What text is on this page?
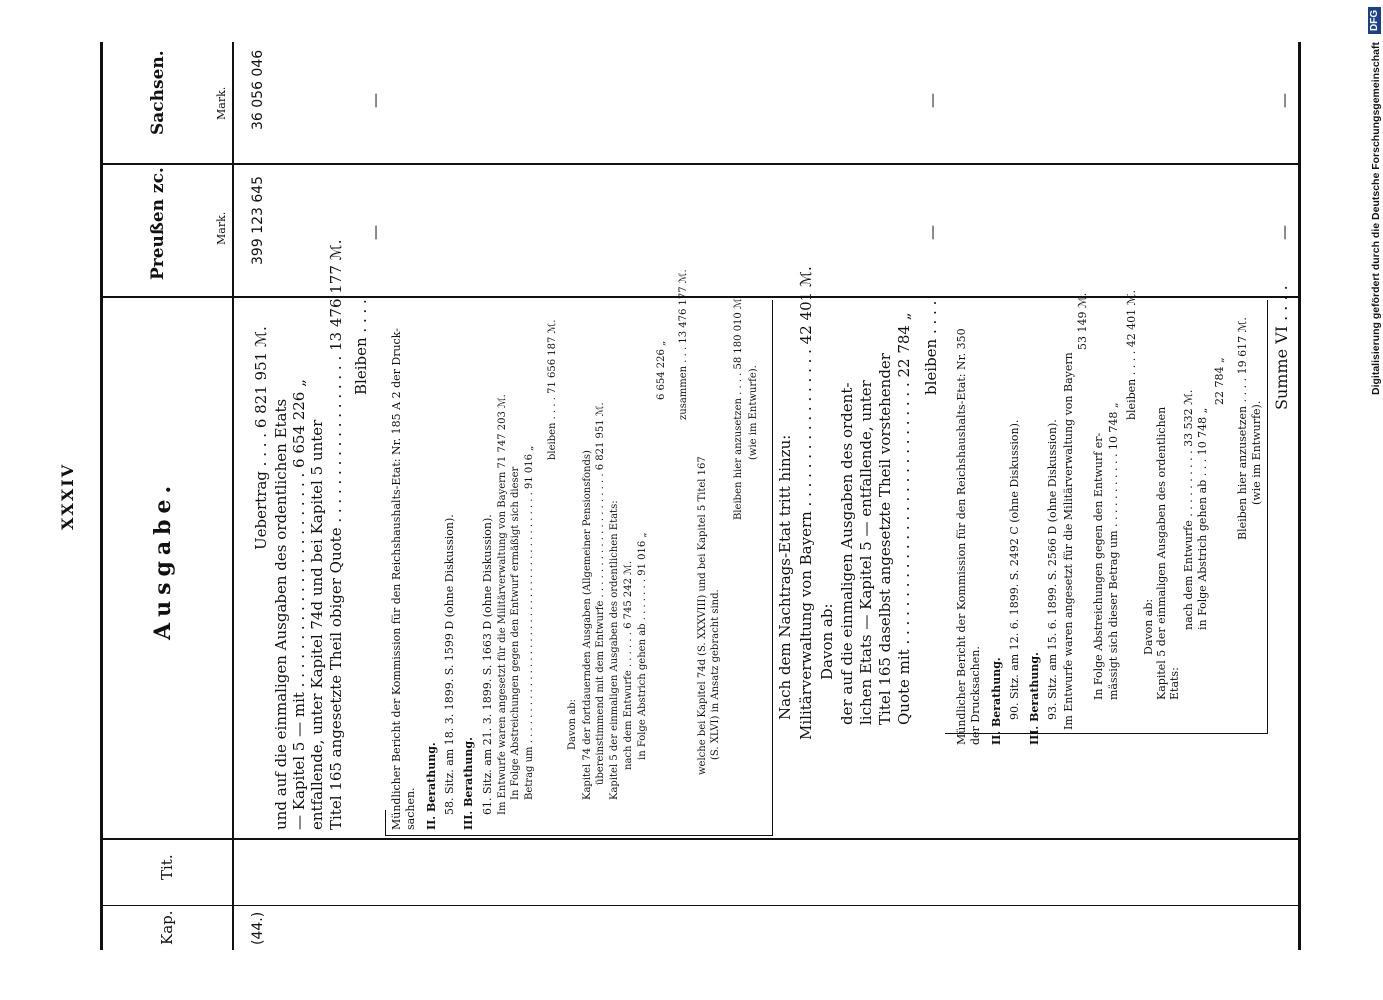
XXXIV
Kap.
Tit.
Ausgabe.
Preußen zc.
Sachsen.
Mark.
Mark.
(44.)
399 123 645
36 056 046
—
—
—
—
—
—
Uebertrag . . . . 6 821 951 ℳ. und auf die einmaligen Ausgaben des ordentlichen Etats — Kapitel 5 — mit . . . . . . . . . . . . . . . . . . . . . . . 6 654 226 „ entfallende, unter Kapitel 74d und bei Kapitel 5 unter Titel 165 angesetzte Theil obiger Quote . . . . . . . . . . . . . . . . . . 13 476 177 ℳ. Bleiben . . . . Mündlicher Bericht der Kommission für den Reichshaushalts-Etat: Nr. 185 A 2 der Druck- sachen. II. Berathung. 58. Sitz. am 18. 3. 1899. S. 1599 D (ohne Diskussion). III. Berathung. 61. Sitz. am 21. 3. 1899. S. 1663 D (ohne Diskussion). Im Entwurfe waren angesetzt für die Militärverwaltung von Bayern 71 747 203 ℳ. In Folge Abstreichungen gegen den Entwurf ermäßigt sich dieser Betrag um . . . . . . . . . . . . . . . . . . . . . . . . . . . . . . . . . . . . . . . . 91 016 „
bleiben . . . . 71 656 187 ℳ.
Davon ab: Kapitel 74 der fortdauernden Ausgaben (Allgemeiner Pensionsfonds) übereinstimmend mit dem Entwurfe . . . . . . . . . . . . . . . . . . . . 6 821 951 ℳ. Kapitel 5 der einmaligen Ausgaben des ordentlichen Etats: nach dem Entwurfe . . . . . . 6 745 242 ℳ. in Folge Abstrich gehen ab . . . . . . . 91 016 „
6 654 226 „ zusammen . . . 13 476 177 ℳ.
welche bei Kapitel 74d (S. XXXVIII) und bei Kapitel 5 Titel 167 (S. XLVI) in Ansatz gebracht sind.
Bleiben hier anzusetzen . . . . 58 180 010 ℳ. (wie im Entwurfe).
Nach dem Nachtrags-Etat tritt hinzu: Militärverwaltung von Bayern . . . . . . . . . . . . . . . . . 42 401 ℳ. Davon ab: der auf die einmaligen Ausgaben des ordent- lichen Etats — Kapitel 5 — entfallende, unter Titel 165 daselbst angesetzte Theil vorstehender Quote mit . . . . . . . . . . . . . . . . . . . . . . . . . . . . 22 784 „ bleiben . . . . Mündlicher Bericht der Kommission für den Reichshaushalts-Etat: Nr. 350 der Drucksachen. II. Berathung. 90. Sitz. am 12. 6. 1899. S. 2492 C (ohne Diskussion). III. Berathung. 93. Sitz. am 15. 6. 1899. S. 2566 D (ohne Diskussion). Im Entwurfe waren angesetzt für die Militärverwaltung von Bayern
53 149 ℳ.
In Folge Abstreichungen gegen den Entwurf er- mässigt sich dieser Betrag um . . . . . . . . . . . 10 748 „
bleiben . . . . 42 401 ℳ.
Davon ab: Kapitel 5 der einmaligen Ausgaben des ordentlichen Etats:
nach dem Entwurfe . . . . . . . . . . 33 532 ℳ. in Folge Abstrich gehen ab . . . 10 748 „
22 784 „ Bleiben hier anzusetzen . . . . 19 617 ℳ. (wie im Entwurfe).
Summe VI . . . .	Digitalisierung gefördert durch die Deutsche Forschungsgemeinschaft
DFG
